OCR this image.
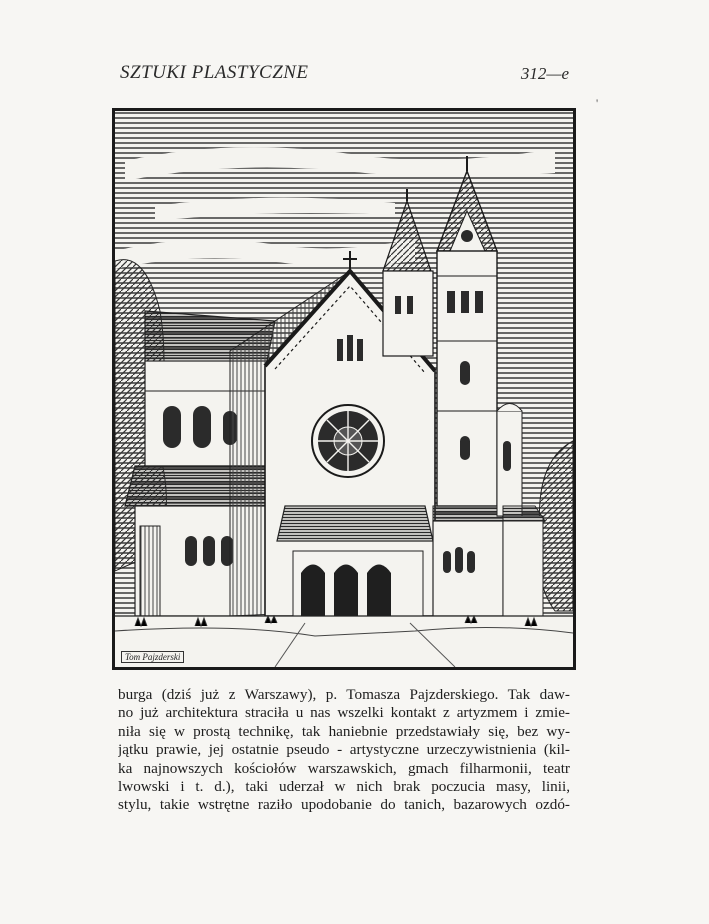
SZTUKI PLASTYCZNE	312—e
'
Tom Pajzderski
burga (dziś już z Warszawy), p. Tomasza Pajzderskiego. Tak daw-
no już architektura straciła u nas wszelki kontakt z artyzmem i zmie-
niła się w prostą technikę, tak haniebnie przedstawiały się, bez wy-
jątku prawie, jej ostatnie pseudo - artystyczne urzeczywistnienia (kil-
ka najnowszych kościołów warszawskich, gmach filharmonii, teatr
lwowski i t. d.), taki uderzał w nich brak poczucia masy, linii,
stylu, takie wstrętne raziło upodobanie do tanich, bazarowych ozdó-
